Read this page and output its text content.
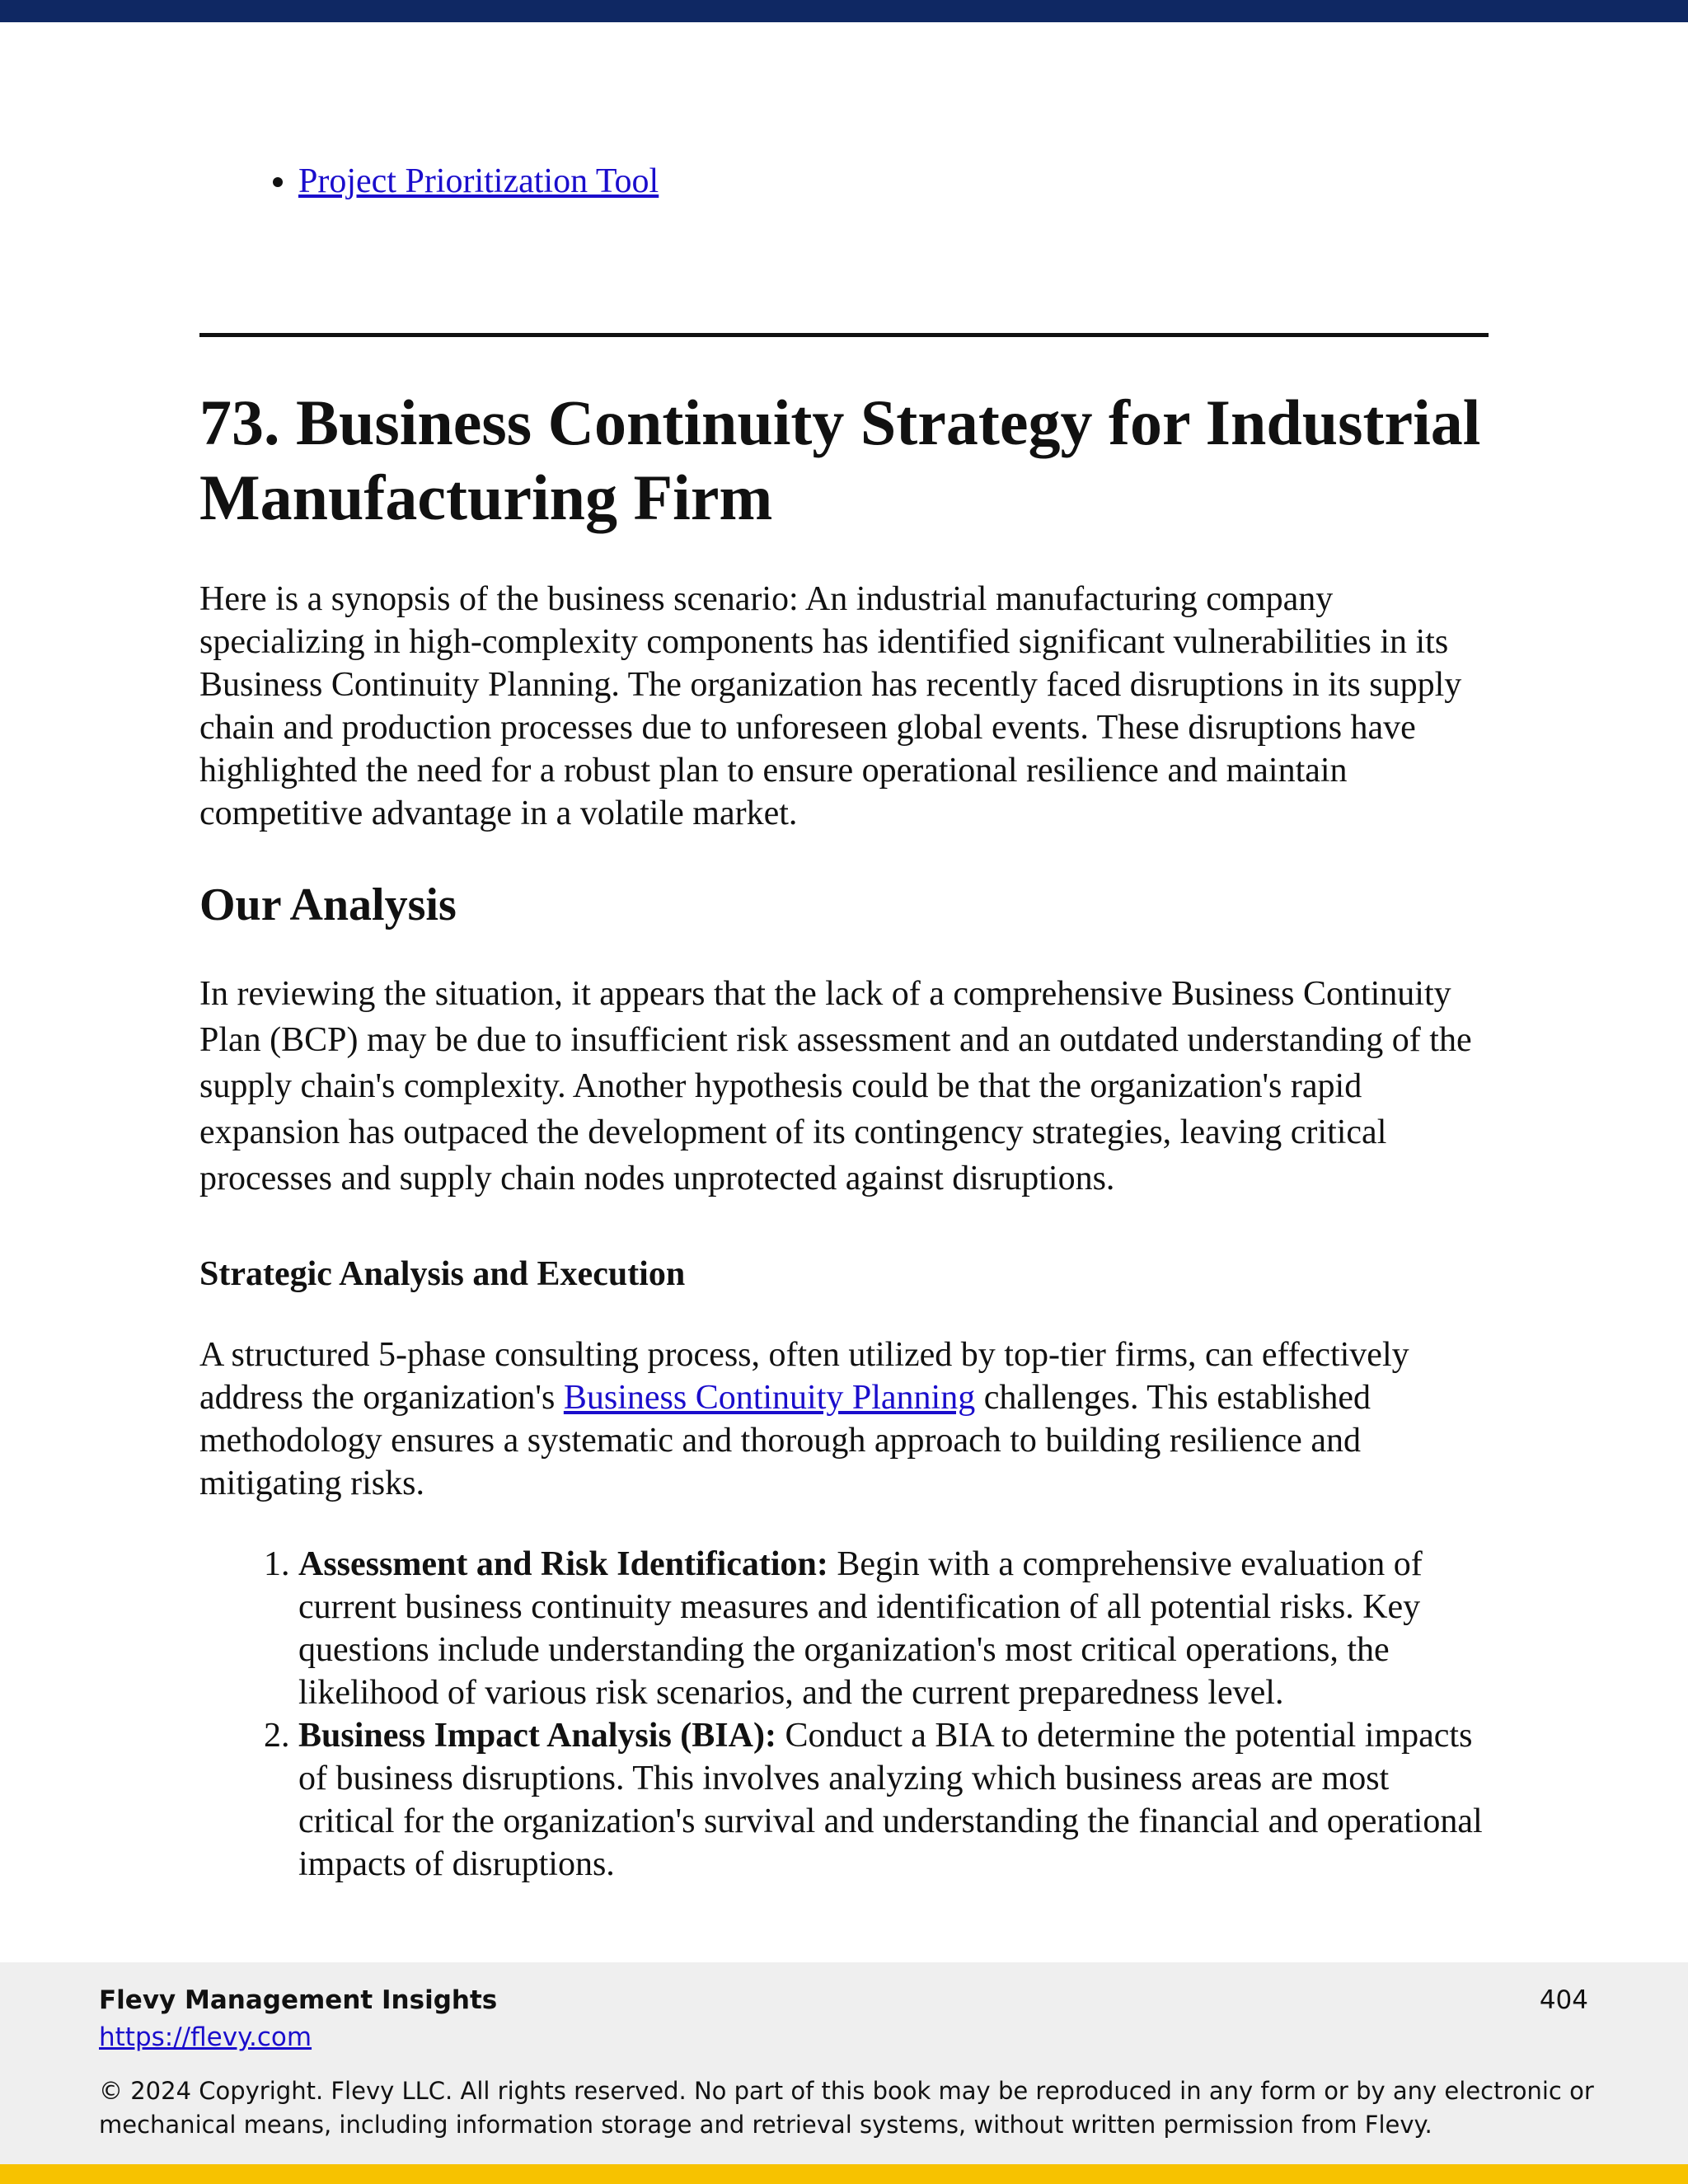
• Project Prioritization Tool
73. Business Continuity Strategy for Industrial Manufacturing Firm

Here is a synopsis of the business scenario: An industrial manufacturing company specializing in high-complexity components has identified significant vulnerabilities in its Business Continuity Planning. The organization has recently faced disruptions in its supply chain and production processes due to unforeseen global events. These disruptions have highlighted the need for a robust plan to ensure operational resilience and maintain competitive advantage in a volatile market.

Our Analysis

In reviewing the situation, it appears that the lack of a comprehensive Business Continuity Plan (BCP) may be due to insufficient risk assessment and an outdated understanding of the supply chain's complexity. Another hypothesis could be that the organization's rapid expansion has outpaced the development of its contingency strategies, leaving critical processes and supply chain nodes unprotected against disruptions.

Strategic Analysis and Execution

A structured 5-phase consulting process, often utilized by top-tier firms, can effectively address the organization's Business Continuity Planning challenges. This established methodology ensures a systematic and thorough approach to building resilience and mitigating risks.

1. Assessment and Risk Identification: Begin with a comprehensive evaluation of current business continuity measures and identification of all potential risks. Key questions include understanding the organization's most critical operations, the likelihood of various risk scenarios, and the current preparedness level.
2. Business Impact Analysis (BIA): Conduct a BIA to determine the potential impacts of business disruptions. This involves analyzing which business areas are most critical for the organization's survival and understanding the financial and operational impacts of disruptions.
Flevy Management Insights
https://flevy.com
404
© 2024 Copyright. Flevy LLC. All rights reserved. No part of this book may be reproduced in any form or by any electronic or mechanical means, including information storage and retrieval systems, without written permission from Flevy.
